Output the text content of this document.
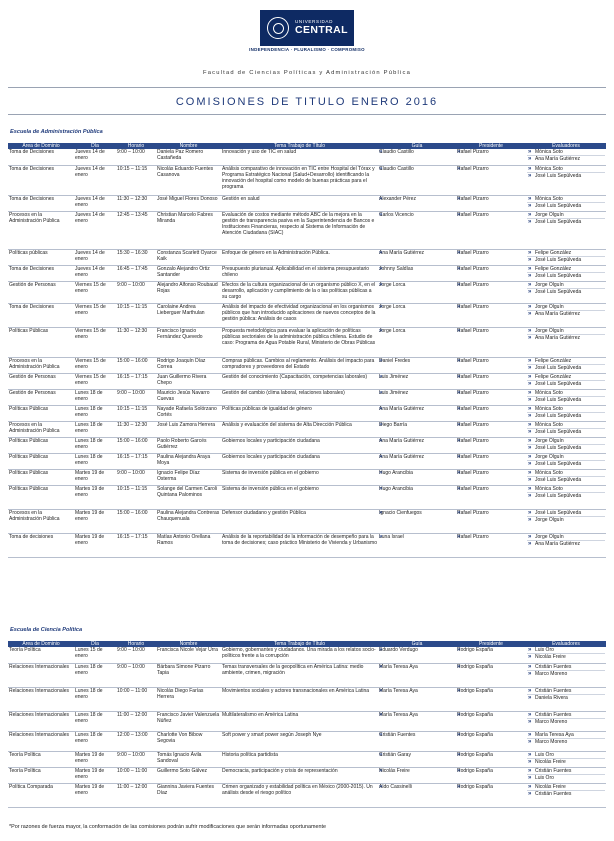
UNIVERSIDAD
CENTRAL
INDEPENDENCIA · PLURALISMO · COMPROMISO
Facultad de Ciencias Políticas y Administración Pública
COMISIONES DE TITULO ENERO 2016
Escuela de Administración Pública
Área de Dominio	Día	Horario	Nombre	Tema Trabajo de Título	Guía	Presidente	Evaluadores
Toma de Decisiones	Jueves 14 de enero	9:00 – 10:00	Daniela Paz Romero Castañeda	Innovación y uso de TIC en salud	» Claudio Castillo	» Rafael Pizarro	» Mónica Soto
» Ana María Gutiérrez

Toma de Decisiones	Jueves 14 de enero	10:15 – 11:15	Nicolás Eduardo Fuentes Casanova	Análisis comparativo de innovación en TIC entre Hospital del Tórax y Programa Estratégico Nacional (Salud+Desarrollo) identificando la innovación del hospital como modelo de buenas prácticas para el programa	» Claudio Castillo	» Rafael Pizarro	» Mónica Soto
» José Luis Sepúlveda

Toma de Decisiones	Jueves 14 de enero	11:30 – 12:30	José Miguel Flores Donoso	Gestión en salud	» Alexander Pérez	» Rafael Pizarro	» Mónica Soto
» José Luis Sepúlveda

Procesos en la Administración Pública	Jueves 14 de enero	12:45 – 13:45	Christian Marcelo Fabres Miranda	Evaluación de costos mediante método ABC de la mejora en la gestión de transparencia pasiva en la Superintendencia de Bancos e Instituciones Financieras, respecto al Sistema de Información de Atención Ciudadana (SIAC)	» Carlos Vicencio	» Rafael Pizarro	» Jorge Olguín
» José Luis Sepúlveda

Políticas públicas	Jueves 14 de enero	15:30 – 16:30	Constanza Scarlett Oyarce Kaik	Enfoque de género en la Administración Pública.	» Ana María Gutiérrez	» Rafael Pizarro	» Felipe González
» José Luis Sepúlveda

Toma de Decisiones	Jueves 14 de enero	16:45 – 17:45	Gonzalo Alejandro Ortiz Santander	Presupuesto plurianual. Aplicabilidad en el sistema presupuestario chileno	» Johnny Saldías	» Rafael Pizarro	» Felipe González
» José Luis Sepúlveda

Gestión de Personas	Viernes 15 de enero	9:00 – 10:00	Alejandro Alfonso Roubaud Rojas	Efectos de la cultura organizacional de un organismo público X, en el desarrollo, aplicación y cumplimiento de la o las políticas públicas a su cargo	» Jorge Lorca	» Rafael Pizarro	» Jorge Olguín
» José Luis Sepúlveda

Toma de Decisiones	Viernes 15 de enero	10:15 – 11:15	Carolaine Andrea Lieberguer Marthulan	Análisis del impacto de efectividad organizacional en los organismos públicos que han introducido aplicaciones de nuevos conceptos de la gestión pública: Análisis de casos	» Jorge Lorca	» Rafael Pizarro	» Jorge Olguín
» Ana María Gutiérrez

Políticas Públicas	Viernes 15 de enero	11:30 – 12:30	Francisco Ignacio Fernández Quevedo	Propuesta metodológica para evaluar la aplicación de políticas públicas sectoriales de la administración pública chilena. Estudio de caso: Programa de Agua Potable Rural, Ministerio de Obras Públicas	» Jorge Lorca	» Rafael Pizarro	» Jorge Olguín
» Ana María Gutiérrez

Procesos en la Administración Pública	Viernes 15 de enero	15:00 – 16:00	Rodrigo Joaquín Díaz Correa	Compras públicas. Cambios al reglamento. Análisis del impacto para compradores y proveedores del Estado	» Daniel Fredes	» Rafael Pizarro	» Felipe González
» José Luis Sepúlveda

Gestión de Personas	Viernes 15 de enero	16:15 – 17:15	Juan Guillermo Rivera Chepo	Gestión del conocimiento (Capacitación, competencias laborales)	» Luis Jiménez	» Rafael Pizarro	» Felipe González
» José Luis Sepúlveda

Gestión de Personas	Lunes 18 de enero	9:00 – 10:00	Mauricio Jesús Navarro Cuevas	Gestión del cambio (clima laboral, relaciones laborales)	» Luis Jiménez	» Rafael Pizarro	» Mónica Soto
» José Luis Sepúlveda

Políticas Públicas	Lunes 18 de enero	10:15 – 11:15	Nayade Rafaela Solórzano Cortés	Políticas públicas de igualdad de género	» Ana María Gutiérrez	» Rafael Pizarro	» Mónica Soto
» José Luis Sepúlveda

Procesos en la Administración Pública	Lunes 18 de enero	11:30 – 12:30	José Luis Zamora Herrera	Análisis y evaluación del sistema de Alta Dirección Pública	» Diego Barría	» Rafael Pizarro	» Mónica Soto
» José Luis Sepúlveda

Políticas Públicas	Lunes 18 de enero	15:00 – 16:00	Paolo Roberto Garcés Gutiérrez	Gobiernos locales y participación ciudadana	» Ana María Gutiérrez	» Rafael Pizarro	» Jorge Olguín
» José Luis Sepúlveda

Políticas Públicas	Lunes 18 de enero	16:15 – 17:15	Paulina Alejandra Araya Moya	Gobiernos locales y participación ciudadana	» Ana María Gutiérrez	» Rafael Pizarro	» Jorge Olguín
» José Luis Sepúlveda

Políticas Públicas	Martes 19 de enero	9:00 – 10:00	Ignacio Felipe Díaz Osterma	Sistema de inversión pública en el gobierno	» Hugo Arancibia	» Rafael Pizarro	» Mónica Soto
» José Luis Sepúlveda

Políticas Públicas	Martes 19 de enero	10:15 – 11:15	Solange del Carmen Caroli Quintana Palominos	Sistema de inversión pública en el gobierno	» Hugo Arancibia	» Rafael Pizarro	» Mónica Soto
» José Luis Sepúlveda

Procesos en la Administración Pública	Martes 19 de enero	15:00 – 16:00	Paulina Alejandra Contreras Chauquenuala	Defensor ciudadano y gestión Pública	» Ignacio Cienfuegos	» Rafael Pizarro	» José Luis Sepúlveda
» Jorge Olguín

Toma de decisiones	Martes 19 de enero	16:15 – 17:15	Matías Antonio Orellana Ramos	Análisis de la reportabilidad de la información de desempeño para la toma de decisiones; caso práctico Ministerio de Vivienda y Urbanismo	» Luna Israel	» Rafael Pizarro	» Jorge Olguín
» Ana María Gutiérrez
Escuela de Ciencia Política
Área de Dominio	Día	Horario	Nombre	Tema Trabajo de Título	Guía	Presidente	Evaluadores
Teoría Política	Lunes 15 de enero	9:00 – 10:00	Francisca Nicole Vejar Urra	Gobierno, gobernantes y ciudadanos. Una mirada a los relatos socio-políticos frente a la corrupción	» Eduardo Verdugo	» Rodrigo España	» Luis Oro
» Nicolás Freire

Relaciones Internacionales	Lunes 18 de enero	9:00 – 10:00	Bárbara Simone Pizarro Tapia	Temas transversales de la geopolítica en América Latina: medio ambiente, crimen, migración	» María Teresa Aya	» Rodrigo España	» Cristián Fuentes
» Marco Moreno

Relaciones Internacionales	Lunes 18 de enero	10:00 – 11:00	Nicolás Diego Farías Herrera	Movimientos sociales y actores transnacionales en América Latina	» María Teresa Aya	» Rodrigo España	» Cristián Fuentes
» Daniela Rivera

Relaciones Internacionales	Lunes 18 de enero	11:00 – 12:00	Francisco Javier Valenzuela Núñez	Multilateralismo en América Latina	» María Teresa Aya	» Rodrigo España	» Cristián Fuentes
» Marco Moreno

Relaciones Internacionales	Lunes 18 de enero	12:00 – 13:00	Charlotte Von Bibow Segovia	Soft power y smart power según Joseph Nye	» Cristián Fuentes	» Rodrigo España	» María Teresa Aya
» Marco Moreno

Teoría Política	Martes 19 de enero	9:00 – 10:00	Tomás Ignacio Ávila Sandoval	Historia política partidista	» Cristián Garay	» Rodrigo España	» Luis Oro
» Nicolás Freire

Teoría Política	Martes 19 de enero	10:00 – 11:00	Guillermo Soto Gálvez	Democracia, participación y crisis de representación	» Nicolás Freire	» Rodrigo España	» Cristián Fuentes
» Luis Oro

Política Comparada	Martes 19 de enero	11:00 – 12:00	Giannina Javiera Fuentes Díaz	Crimen organizado y estabilidad política en México (2000-2015). Un análisis desde el riesgo político	» Aldo Cassinelli	» Rodrigo España	» Nicolás Freire
» Cristián Fuentes
*Por razones de fuerza mayor, la conformación de las comisiones podrán sufrir modificaciones que serán informadas oportunamente
